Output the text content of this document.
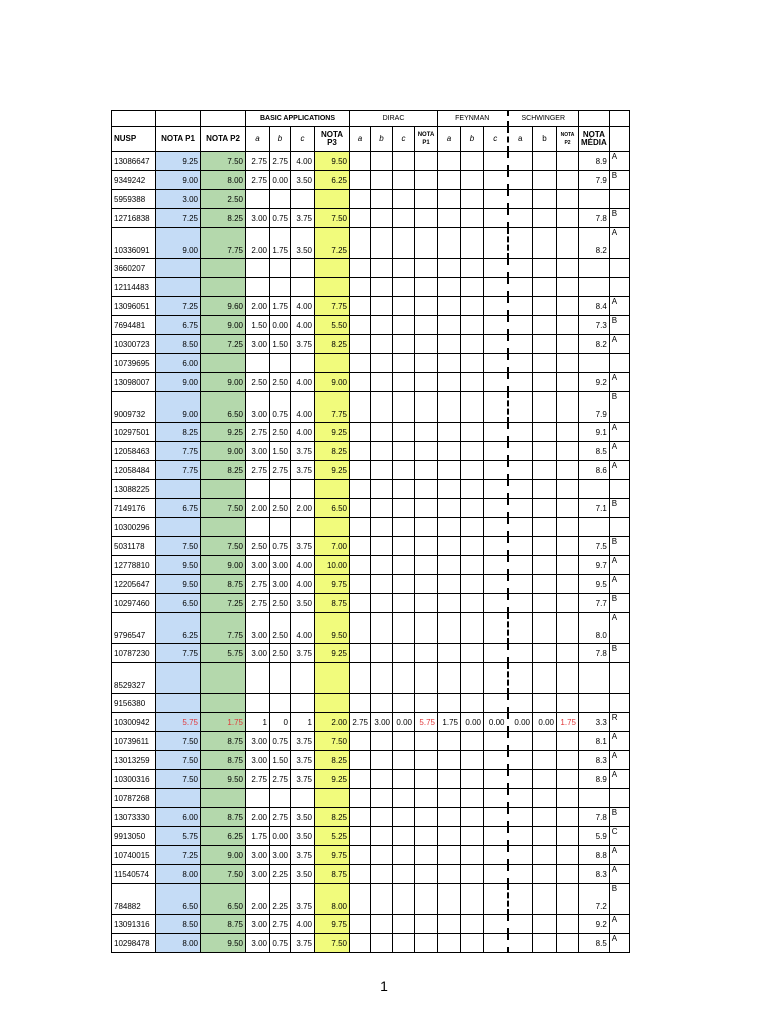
			BASIC APPLICATIONS				DIRAC				FEYNMAN			SCHWINGER				
NUSP	NOTA P1	NOTA P2	a	b	c	NOTA P3	a	b	c	NOTA P1	a	b	c	a	b	NOTA P2	NOTA MÉDIA	
13086647	9.25	7.50	2.75	2.75	4.00	9.50											8.9	A
9349242	9.00	8.00	2.75	0.00	3.50	6.25											7.9	B
5959388	3.00	2.50																
12716838	7.25	8.25	3.00	0.75	3.75	7.50											7.8	B
10336091	9.00	7.75	2.00	1.75	3.50	7.25											8.2	A
3660207																		
12114483																		
13096051	7.25	9.60	2.00	1.75	4.00	7.75											8.4	A
7694481	6.75	9.00	1.50	0.00	4.00	5.50											7.3	B
10300723	8.50	7.25	3.00	1.50	3.75	8.25											8.2	A
10739695	6.00																	
13098007	9.00	9.00	2.50	2.50	4.00	9.00											9.2	A
9009732	9.00	6.50	3.00	0.75	4.00	7.75											7.9	B
10297501	8.25	9.25	2.75	2.50	4.00	9.25											9.1	A
12058463	7.75	9.00	3.00	1.50	3.75	8.25											8.5	A
12058484	7.75	8.25	2.75	2.75	3.75	9.25											8.6	A
13088225																		
7149176	6.75	7.50	2.00	2.50	2.00	6.50											7.1	B
10300296																		
5031178	7.50	7.50	2.50	0.75	3.75	7.00											7.5	B
12778810	9.50	9.00	3.00	3.00	4.00	10.00											9.7	A
12205647	9.50	8.75	2.75	3.00	4.00	9.75											9.5	A
10297460	6.50	7.25	2.75	2.50	3.50	8.75											7.7	B
9796547	6.25	7.75	3.00	2.50	4.00	9.50											8.0	A
10787230	7.75	5.75	3.00	2.50	3.75	9.25											7.8	B
8529327																		
9156380																		
10300942	5.75	1.75	1	0	1	2.00	2.75	3.00	0.00	5.75	1.75	0.00	0.00	0.00	0.00	1.75	3.3	R
10739611	7.50	8.75	3.00	0.75	3.75	7.50											8.1	A
13013259	7.50	8.75	3.00	1.50	3.75	8.25											8.3	A
10300316	7.50	9.50	2.75	2.75	3.75	9.25											8.9	A
10787268																		
13073330	6.00	8.75	2.00	2.75	3.50	8.25											7.8	B
9913050	5.75	6.25	1.75	0.00	3.50	5.25											5.9	C
10740015	7.25	9.00	3.00	3.00	3.75	9.75											8.8	A
11540574	8.00	7.50	3.00	2.25	3.50	8.75											8.3	A
784882	6.50	6.50	2.00	2.25	3.75	8.00											7.2	B
13091316	8.50	8.75	3.00	2.75	4.00	9.75											9.2	A
10298478	8.00	9.50	3.00	0.75	3.75	7.50											8.5	A
1
